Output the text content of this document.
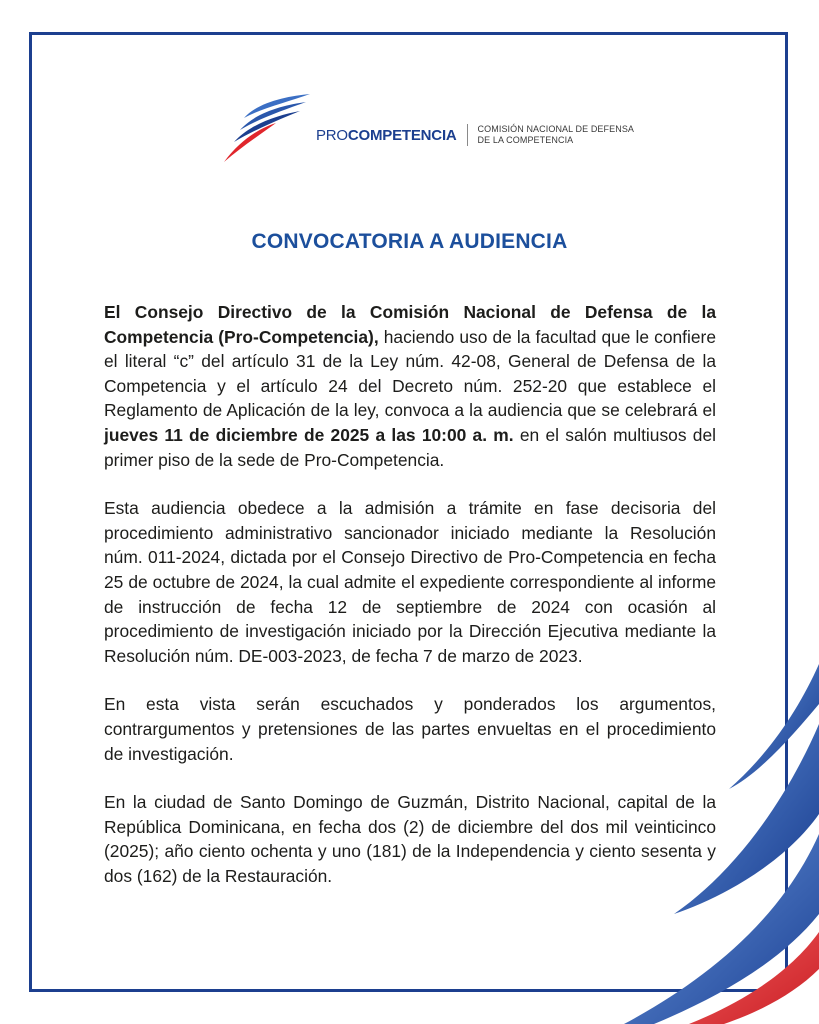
PROCOMPETENCIA COMISIÓN NACIONAL DE DEFENSA
DE LA COMPETENCIA
CONVOCATORIA A AUDIENCIA

El Consejo Directivo de la Comisión Nacional de Defensa de la Competencia (Pro-Competencia), haciendo uso de la facultad que le confiere el literal “c” del artículo 31 de la Ley núm. 42-08, General de Defensa de la Competencia y el artículo 24 del Decreto núm. 252-20 que establece el Reglamento de Aplicación de la ley, convoca a la audiencia que se celebrará el jueves 11 de diciembre de 2025 a las 10:00 a. m. en el salón multiusos del primer piso de la sede de Pro-Competencia.

Esta audiencia obedece a la admisión a trámite en fase decisoria del procedimiento administrativo sancionador iniciado mediante la Resolución núm. 011-2024, dictada por el Consejo Directivo de Pro-Competencia en fecha 25 de octubre de 2024, la cual admite el expediente correspondiente al informe de instrucción de fecha 12 de septiembre de 2024 con ocasión al procedimiento de investigación iniciado por la Dirección Ejecutiva mediante la Resolución núm. DE-003-2023, de fecha 7 de marzo de 2023.

En esta vista serán escuchados y ponderados los argumentos, contrargumentos y pretensiones de las partes envueltas en el procedimiento de investigación.

En la ciudad de Santo Domingo de Guzmán, Distrito Nacional, capital de la República Dominicana, en fecha dos (2) de diciembre del dos mil veinticinco (2025); año ciento ochenta y uno (181) de la Independencia y ciento sesenta y dos (162) de la Restauración.
